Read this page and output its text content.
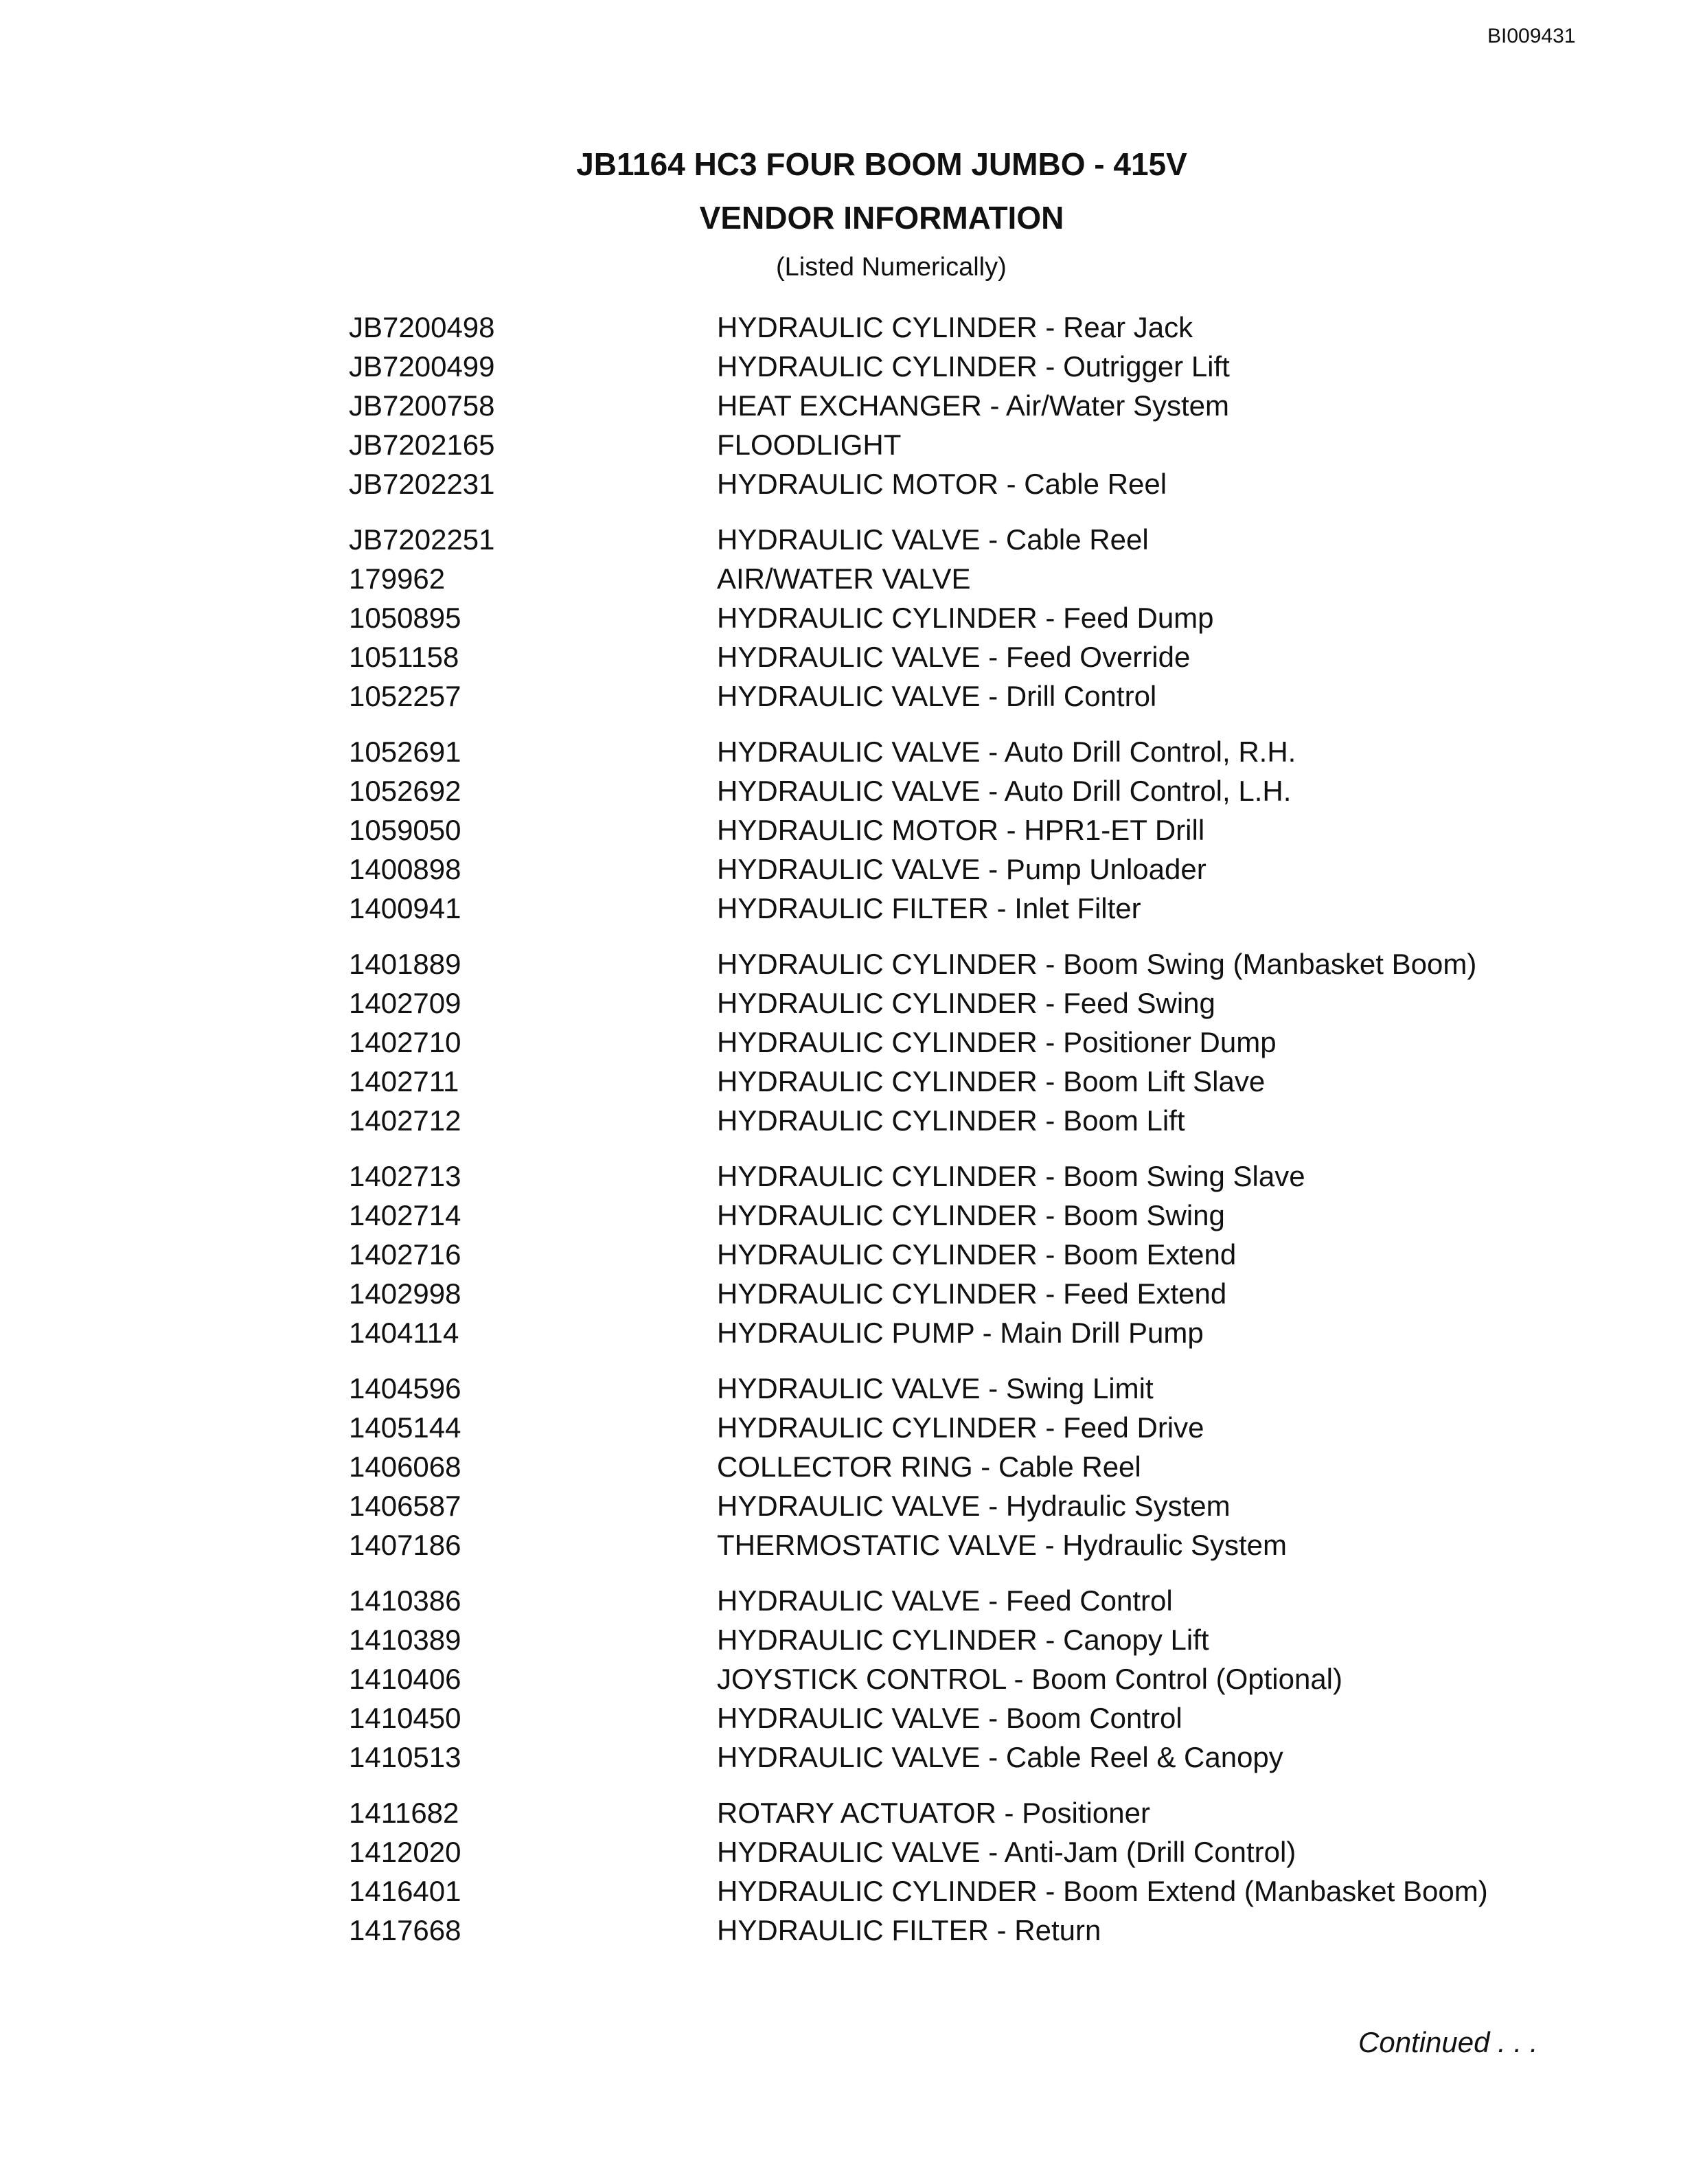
BI009431
JB1164 HC3 FOUR BOOM JUMBO - 415V
VENDOR INFORMATION
(Listed Numerically)
JB7200498	HYDRAULIC CYLINDER - Rear Jack
JB7200499	HYDRAULIC CYLINDER - Outrigger Lift
JB7200758	HEAT EXCHANGER - Air/Water System
JB7202165	FLOODLIGHT
JB7202231	HYDRAULIC MOTOR - Cable Reel
JB7202251	HYDRAULIC VALVE - Cable Reel
179962	AIR/WATER VALVE
1050895	HYDRAULIC CYLINDER - Feed Dump
1051158	HYDRAULIC VALVE - Feed Override
1052257	HYDRAULIC VALVE - Drill Control
1052691	HYDRAULIC VALVE - Auto Drill Control, R.H.
1052692	HYDRAULIC VALVE - Auto Drill Control, L.H.
1059050	HYDRAULIC MOTOR - HPR1-ET Drill
1400898	HYDRAULIC VALVE - Pump Unloader
1400941	HYDRAULIC FILTER - Inlet Filter
1401889	HYDRAULIC CYLINDER - Boom Swing (Manbasket Boom)
1402709	HYDRAULIC CYLINDER - Feed Swing
1402710	HYDRAULIC CYLINDER - Positioner Dump
1402711	HYDRAULIC CYLINDER - Boom Lift Slave
1402712	HYDRAULIC CYLINDER - Boom Lift
1402713	HYDRAULIC CYLINDER - Boom Swing Slave
1402714	HYDRAULIC CYLINDER - Boom Swing
1402716	HYDRAULIC CYLINDER - Boom Extend
1402998	HYDRAULIC CYLINDER - Feed Extend
1404114	HYDRAULIC PUMP - Main Drill Pump
1404596	HYDRAULIC VALVE - Swing Limit
1405144	HYDRAULIC CYLINDER - Feed Drive
1406068	COLLECTOR RING - Cable Reel
1406587	HYDRAULIC VALVE - Hydraulic System
1407186	THERMOSTATIC VALVE - Hydraulic System
1410386	HYDRAULIC VALVE - Feed Control
1410389	HYDRAULIC CYLINDER - Canopy Lift
1410406	JOYSTICK CONTROL - Boom Control (Optional)
1410450	HYDRAULIC VALVE - Boom Control
1410513	HYDRAULIC VALVE - Cable Reel & Canopy
1411682	ROTARY ACTUATOR - Positioner
1412020	HYDRAULIC VALVE - Anti-Jam (Drill Control)
1416401	HYDRAULIC CYLINDER - Boom Extend (Manbasket Boom)
1417668	HYDRAULIC FILTER - Return
Continued . . .
